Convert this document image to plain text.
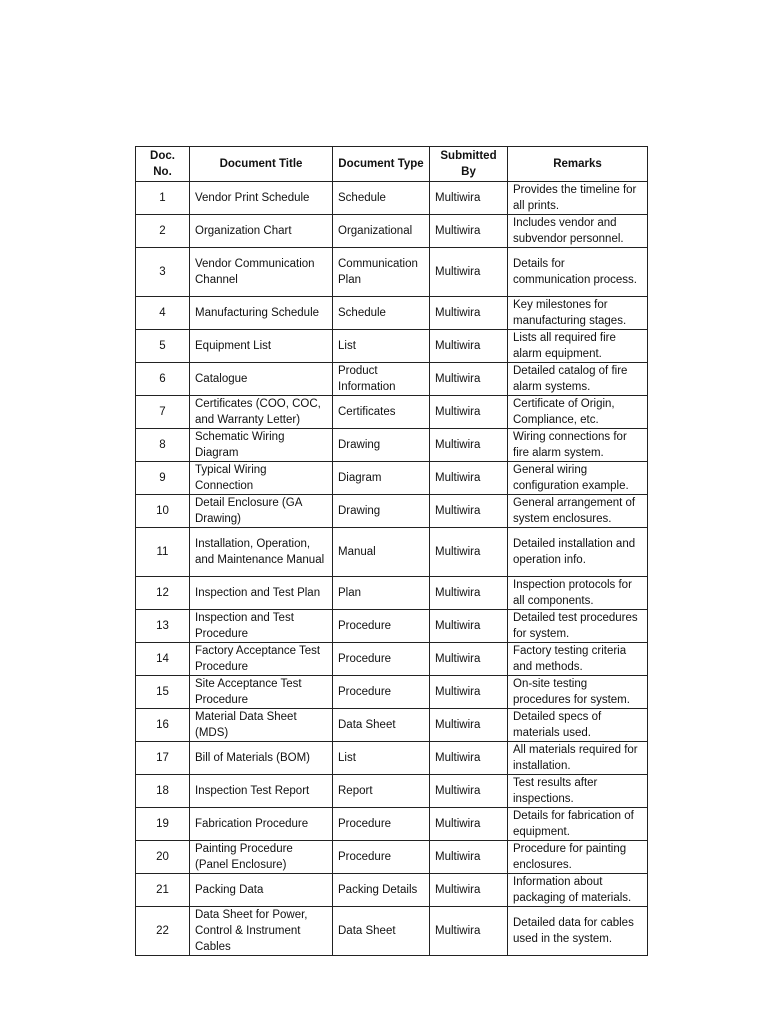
Doc. No.	Document Title	Document Type	Submitted By	Remarks
1	Vendor Print Schedule	Schedule	Multiwira	Provides the timeline for all prints.
2	Organization Chart	Organizational	Multiwira	Includes vendor and subvendor personnel.
3	Vendor Communication Channel	Communication Plan	Multiwira	Details for communication process.
4	Manufacturing Schedule	Schedule	Multiwira	Key milestones for manufacturing stages.
5	Equipment List	List	Multiwira	Lists all required fire alarm equipment.
6	Catalogue	Product Information	Multiwira	Detailed catalog of fire alarm systems.
7	Certificates (COO, COC, and Warranty Letter)	Certificates	Multiwira	Certificate of Origin, Compliance, etc.
8	Schematic Wiring Diagram	Drawing	Multiwira	Wiring connections for fire alarm system.
9	Typical Wiring Connection	Diagram	Multiwira	General wiring configuration example.
10	Detail Enclosure (GA Drawing)	Drawing	Multiwira	General arrangement of system enclosures.
11	Installation, Operation, and Maintenance Manual	Manual	Multiwira	Detailed installation and operation info.
12	Inspection and Test Plan	Plan	Multiwira	Inspection protocols for all components.
13	Inspection and Test Procedure	Procedure	Multiwira	Detailed test procedures for system.
14	Factory Acceptance Test Procedure	Procedure	Multiwira	Factory testing criteria and methods.
15	Site Acceptance Test Procedure	Procedure	Multiwira	On-site testing procedures for system.
16	Material Data Sheet (MDS)	Data Sheet	Multiwira	Detailed specs of materials used.
17	Bill of Materials (BOM)	List	Multiwira	All materials required for installation.
18	Inspection Test Report	Report	Multiwira	Test results after inspections.
19	Fabrication Procedure	Procedure	Multiwira	Details for fabrication of equipment.
20	Painting Procedure (Panel Enclosure)	Procedure	Multiwira	Procedure for painting enclosures.
21	Packing Data	Packing Details	Multiwira	Information about packaging of materials.
22	Data Sheet for Power, Control & Instrument Cables	Data Sheet	Multiwira	Detailed data for cables used in the system.
